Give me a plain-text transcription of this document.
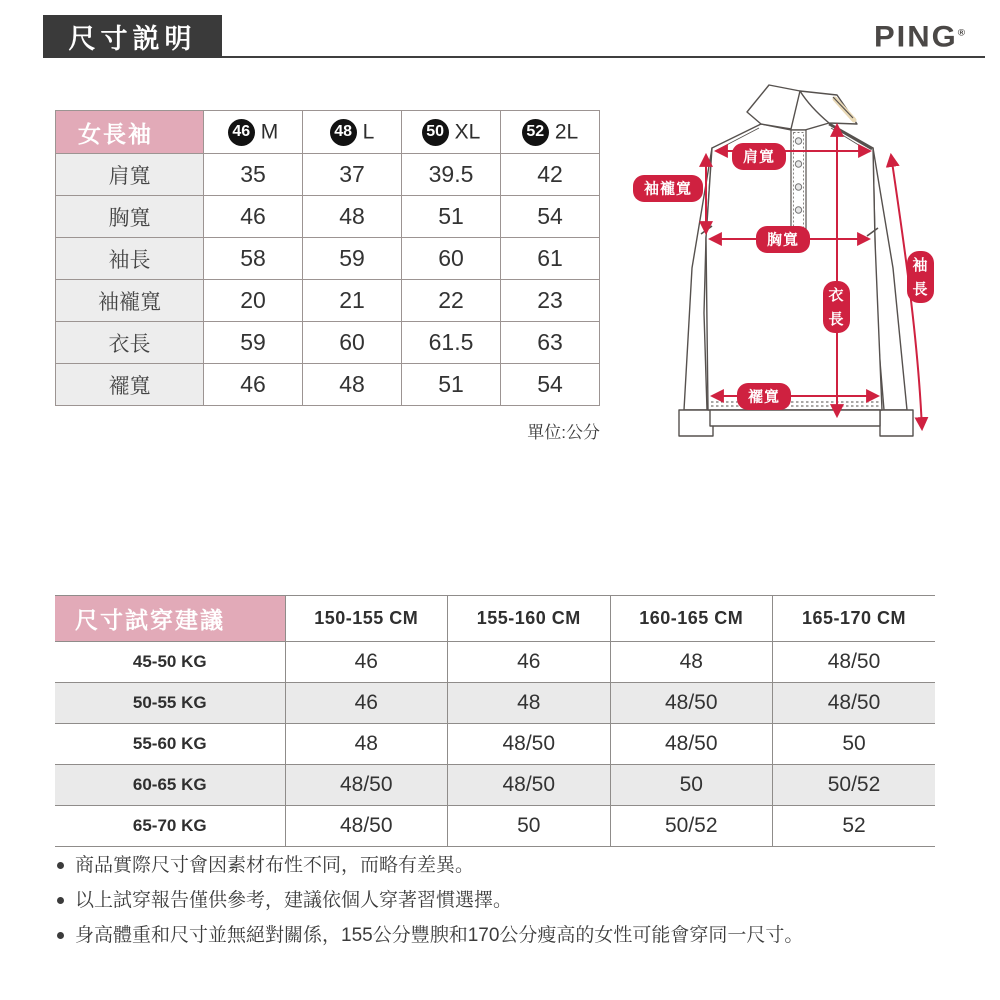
尺寸説明	PING®
女長袖	46 M	48 L	50 XL	52 2L
肩寬	35	37	39.5	42
胸寬	46	48	51	54
袖長	58	59	60	61
袖襱寬	20	21	22	23
衣長	59	60	61.5	63
襬寬	46	48	51	54
單位:公分
肩寬
袖襱寬
胸寬
衣
長
袖
長
襬寬
尺寸試穿建議	150-155 CM	155-160 CM	160-165 CM	165-170 CM
45-50 KG	46	46	48	48/50
50-55 KG	46	48	48/50	48/50
55-60 KG	48	48/50	48/50	50
60-65 KG	48/50	48/50	50	50/52
65-70 KG	48/50	50	50/52	52
商品實際尺寸會因素材布性不同，而略有差異。
以上試穿報告僅供參考，建議依個人穿著習慣選擇。
身高體重和尺寸並無絕對關係，155公分豐腴和170公分瘦高的女性可能會穿同一尺寸。
